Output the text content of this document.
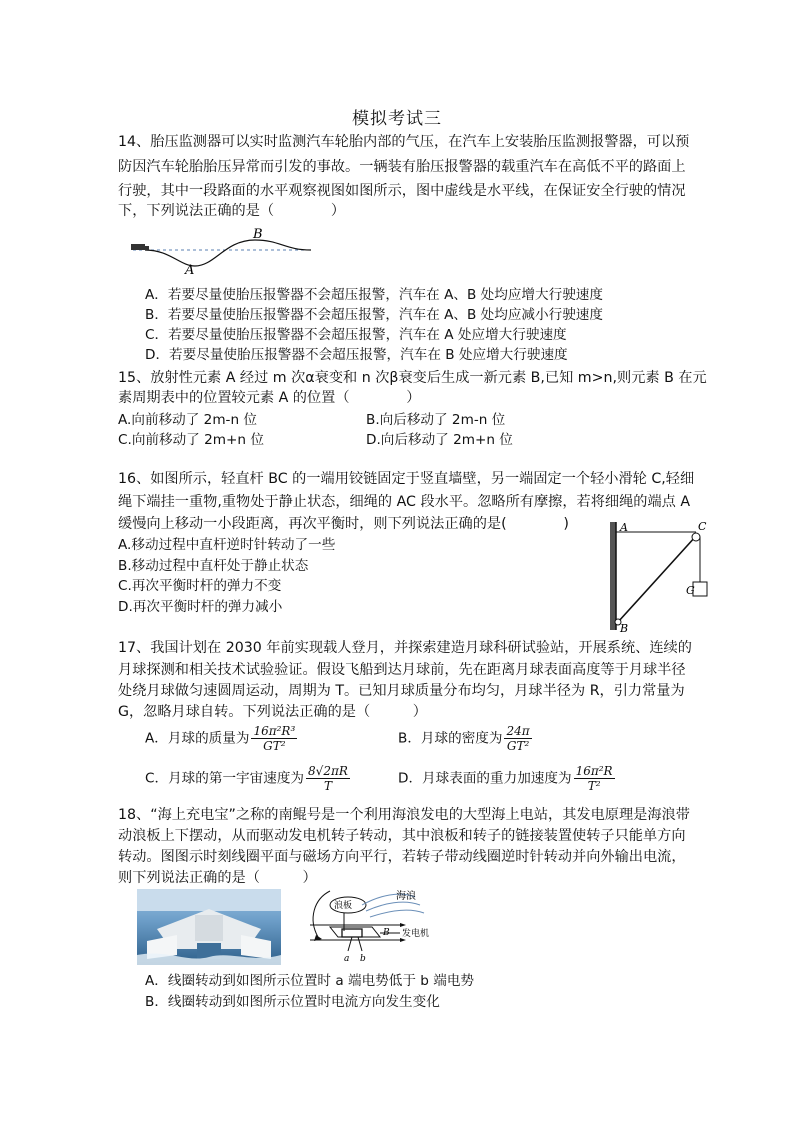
模拟考试三
14、胎压监测器可以实时监测汽车轮胎内部的气压，在汽车上安装胎压监测报警器，可以预
防因汽车轮胎胎压异常而引发的事故。一辆装有胎压报警器的载重汽车在高低不平的路面上
行驶，其中一段路面的水平观察视图如图所示，图中虚线是水平线，在保证安全行驶的情况
下，下列说法正确的是（　　　　）
B
A
A．若要尽量使胎压报警器不会超压报警，汽车在 A、B 处均应增大行驶速度
B．若要尽量使胎压报警器不会超压报警，汽车在 A、B 处均应减小行驶速度
C．若要尽量使胎压报警器不会超压报警，汽车在 A 处应增大行驶速度
D．若要尽量使胎压报警器不会超压报警，汽车在 B 处应增大行驶速度
15、放射性元素 A 经过 m 次α衰变和 n 次β衰变后生成一新元素 B,已知 m>n,则元素 B 在元
素周期表中的位置较元素 A 的位置（　　　　）
A.向前移动了 2m-n 位	B.向后移动了 2m-n 位
C.向前移动了 2m+n 位	D.向后移动了 2m+n 位
16、如图所示，轻直杆 BC 的一端用铰链固定于竖直墙壁，另一端固定一个轻小滑轮 C,轻细
绳下端挂一重物,重物处于静止状态，细绳的 AC 段水平。忽略所有摩擦，若将细绳的端点 A
缓慢向上移动一小段距离，再次平衡时，则下列说法正确的是(　　　　)
A.移动过程中直杆逆时针转动了一些
B.移动过程中直杆处于静止状态
C.再次平衡时杆的弹力不变
D.再次平衡时杆的弹力减小
A	C
G
B
17、我国计划在 2030 年前实现载人登月，并探索建造月球科研试验站，开展系统、连续的
月球探测和相关技术试验验证。假设飞船到达月球前，先在距离月球表面高度等于月球半径
处绕月球做匀速圆周运动，周期为 T。已知月球质量分布均匀，月球半径为 R，引力常量为
G，忽略月球自转。下列说法正确的是（　　　）
A．月球的质量为 $\frac{\text{16π²R³}}{\text{GT²}}$	B．月球的密度为 $\frac{24\pi}{\text{GT²}}$
C．月球的第一宇宙速度为 $\frac{8√2\pi R}{T}$	D．月球表面的重力加速度为 $\frac{\text{16π²R}}{\text{T²}}$
18、“海上充电宝”之称的南鲲号是一个利用海浪发电的大型海上电站，其发电原理是海浪带
动浪板上下摆动，从而驱动发电机转子转动，其中浪板和转子的链接装置使转子只能单方向
转动。图图示时刻线圈平面与磁场方向平行，若转子带动线圈逆时针转动并向外输出电流，
则下列说法正确的是（　　　）
海浪
浪板
发电机
B
a b
A．线圈转动到如图所示位置时 a 端电势低于 b 端电势
B．线圈转动到如图所示位置时电流方向发生变化
